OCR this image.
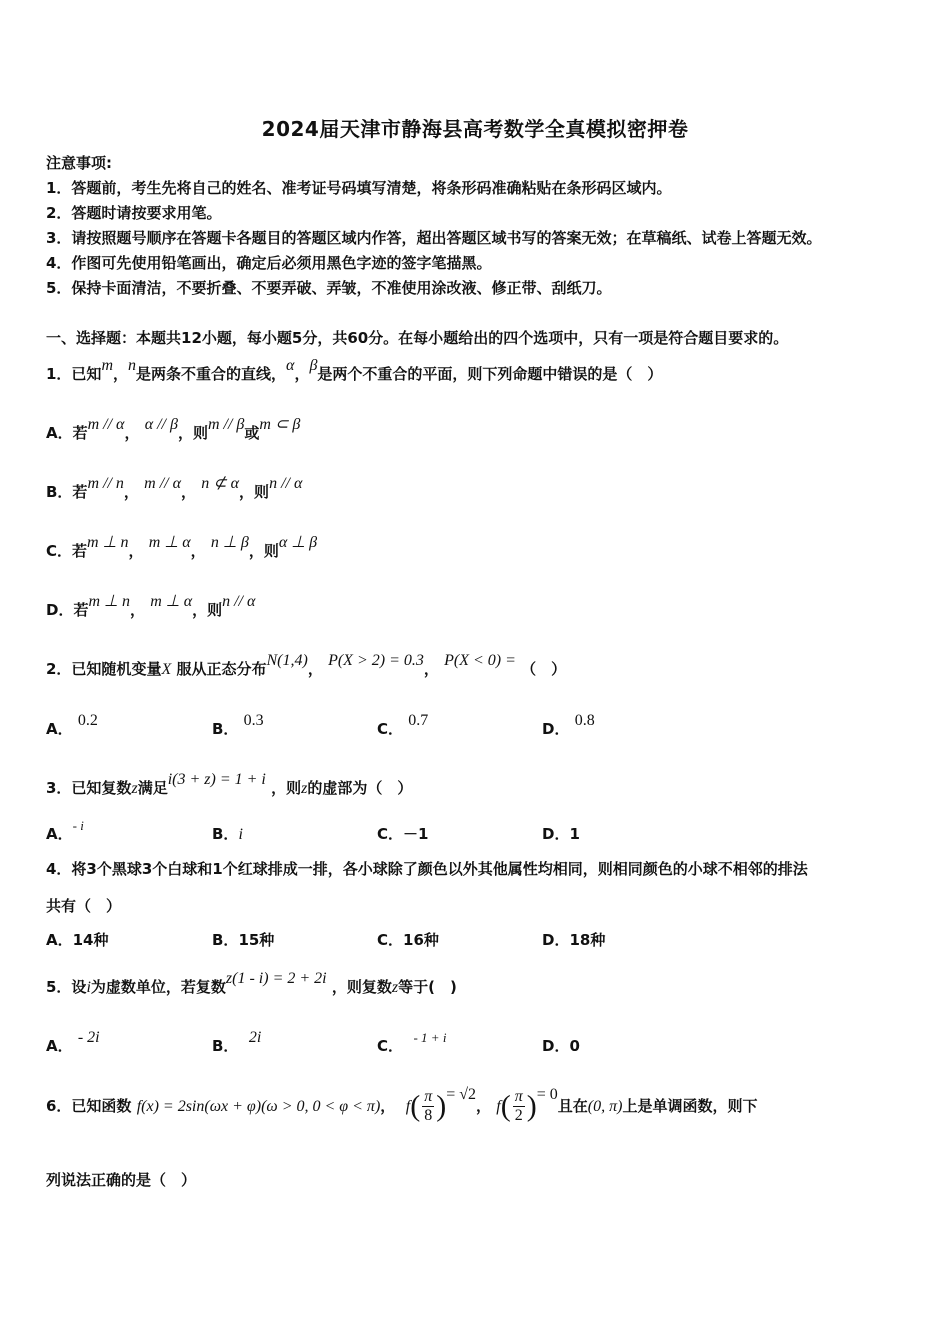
2024届天津市静海县高考数学全真模拟密押卷
注意事项:
1．答题前，考生先将自己的姓名、准考证号码填写清楚，将条形码准确粘贴在条形码区域内。
2．答题时请按要求用笔。
3．请按照题号顺序在答题卡各题目的答题区域内作答，超出答题区域书写的答案无效；在草稿纸、试卷上答题无效。
4．作图可先使用铅笔画出，确定后必须用黑色字迹的签字笔描黑。
5．保持卡面清洁，不要折叠、不要弄破、弄皱，不准使用涂改液、修正带、刮纸刀。
一、选择题：本题共12小题，每小题5分，共60分。在每小题给出的四个选项中，只有一项是符合题目要求的。
1．已知m，n是两条不重合的直线，α，β是两个不重合的平面，则下列命题中错误的是（　）
A．若m // α， α // β，则m // β或m ⊂ β
B．若m // n， m // α， n ⊄ α，则n // α
C．若m ⊥ n， m ⊥ α， n ⊥ β，则α ⊥ β
D．若m ⊥ n， m ⊥ α，则n // α
2．已知随机变量X 服从正态分布N(1,4)， P(X > 2) = 0.3， P(X < 0) = （　）
A． 0.2	B． 0.3	C． 0.7	D． 0.8
3．已知复数z满足i(3 + z) = 1 + i ，则z的虚部为（　）
A．- i	B．i	C．－1	D．1
4．将3个黑球3个白球和1个红球排成一排，各小球除了颜色以外其他属性均相同，则相同颜色的小球不相邻的排法
共有（　）
A．14种	B．15种	C．16种	D．18种
5．设i为虚数单位，若复数z(1 - i) = 2 + 2i ，则复数z等于(　)
A． - 2i	B． 2i	C． - 1 + i	D．0
6．已知函数 f(x) = 2sin(ωx + φ)(ω > 0, 0 < φ < π)， $f( \frac{\pi}{8}$ )= √2， $f( \frac{\pi}{2}$ )= 0且在(0, π)上是单调函数，则下
列说法正确的是（　）
